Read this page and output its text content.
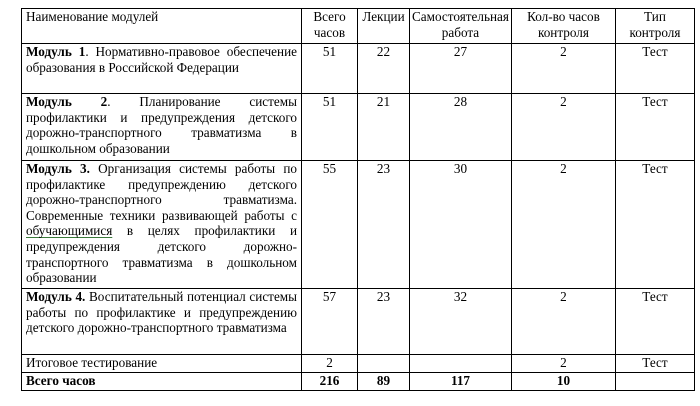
Наименование модулей	Всего часов	Лекции	Самостоятельная работа	Кол-во часов контроля	Тип контроля
Модуль 1. Нормативно-правовое обеспечение образования в Российской Федерации	51	22	27	2	Тест
Модуль 2. Планирование системы профилактики и предупреждения детского дорожно-транспортного травматизма в дошкольном образовании	51	21	28	2	Тест
Модуль 3. Организация системы работы по профилактике предупреждению детского дорожно-транспортного травматизма. Современные техники развивающей работы с обучающимися в целях профилактики и предупреждения детского дорожно-транспортного травматизма в дошкольном образовании	55	23	30	2	Тест
Модуль 4. Воспитательный потенциал системы работы по профилактике и предупреждению детского дорожно-транспортного травматизма	57	23	32	2	Тест
Итоговое тестирование	2			2	Тест
Всего часов	216	89	117	10	
